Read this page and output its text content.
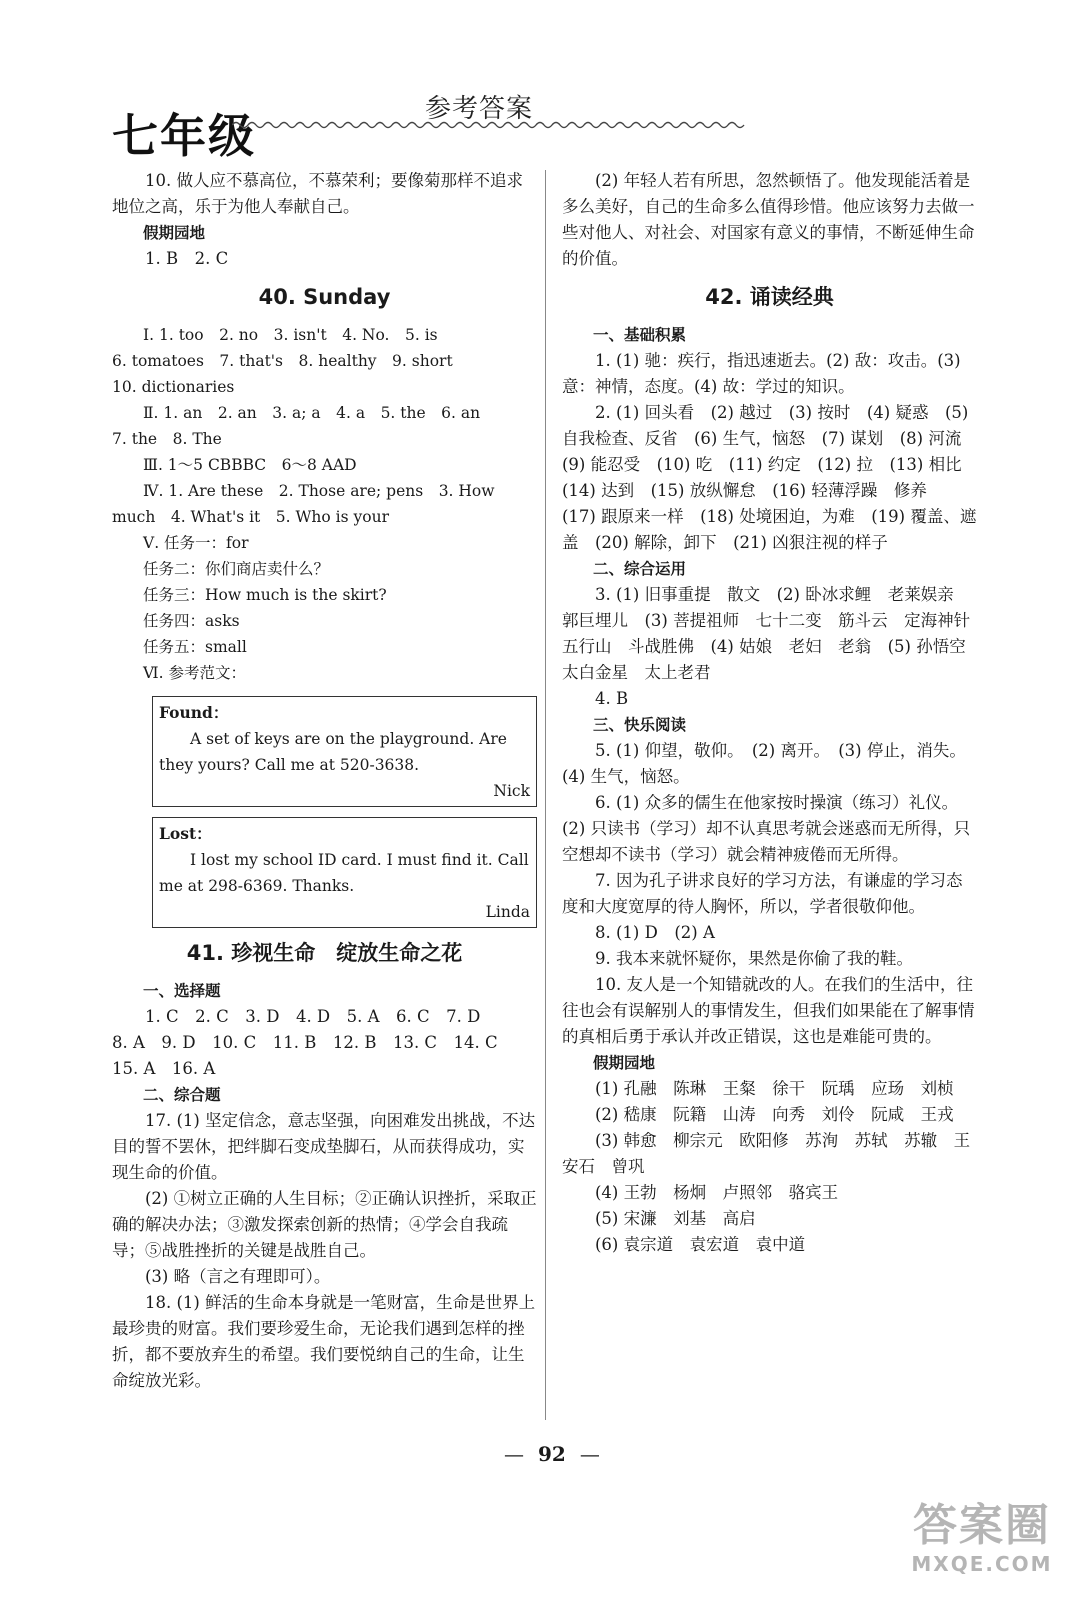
七年级	参考答案

10. 做人应不慕高位，不慕荣利；要像菊那样不追求地位之高，乐于为他人奉献自己。

假期园地

1. B　2. C

40. Sunday

Ⅰ. 1. too　2. no　3. isn't　4. No.　5. is

6. tomatoes　7. that's　8. healthy　9. short

10. dictionaries

Ⅱ. 1. an　2. an　3. a; a　4. a　5. the　6. an

7. the　8. The

Ⅲ. 1～5 CBBBC　6～8 AAD

Ⅳ. 1. Are these　2. Those are; pens　3. How much　4. What's it　5. Who is your

Ⅴ. 任务一：for

任务二：你们商店卖什么？

任务三：How much is the skirt?

任务四：asks

任务五：small

Ⅵ. 参考范文：

Found：

A set of keys are on the playground. Are they yours? Call me at 520-3638.

Nick
Lost：

I lost my school ID card. I must find it. Call me at 298-6369. Thanks.

Linda
41. 珍视生命　绽放生命之花

一、选择题

1. C　2. C　3. D　4. D　5. A　6. C　7. D

8. A　9. D　10. C　11. B　12. B　13. C　14. C

15. A　16. A

二、综合题

17. (1) 坚定信念，意志坚强，向困难发出挑战，不达目的誓不罢休，把绊脚石变成垫脚石，从而获得成功，实现生命的价值。

(2) ①树立正确的人生目标；②正确认识挫折，采取正确的解决办法；③激发探索创新的热情；④学会自我疏导；⑤战胜挫折的关键是战胜自己。

(3) 略（言之有理即可）。

18. (1) 鲜活的生命本身就是一笔财富，生命是世界上最珍贵的财富。我们要珍爱生命，无论我们遇到怎样的挫折，都不要放弃生的希望。我们要悦纳自己的生命，让生命绽放光彩。

(2) 年轻人若有所思，忽然顿悟了。他发现能活着是多么美好，自己的生命多么值得珍惜。他应该努力去做一些对他人、对社会、对国家有意义的事情，不断延伸生命的价值。

42. 诵读经典

一、基础积累

1. (1) 驰：疾行，指迅速逝去。(2) 敌：攻击。(3) 意：神情，态度。(4) 故：学过的知识。

2. (1) 回头看　(2) 越过　(3) 按时　(4) 疑惑　(5) 自我检查、反省　(6) 生气，恼怒　(7) 谋划　(8) 河流　(9) 能忍受　(10) 吃　(11) 约定　(12) 拉　(13) 相比　(14) 达到　(15) 放纵懈怠　(16) 轻薄浮躁　修养　(17) 跟原来一样　(18) 处境困迫，为难　(19) 覆盖、遮盖　(20) 解除，卸下　(21) 凶狠注视的样子

二、综合运用

3. (1) 旧事重提　散文　(2) 卧冰求鲤　老莱娱亲　郭巨埋儿　(3) 菩提祖师　七十二变　筋斗云　定海神针　五行山　斗战胜佛　(4) 姑娘　老妇　老翁　(5) 孙悟空　太白金星　太上老君

4. B

三、快乐阅读

5. (1) 仰望，敬仰。　(2) 离开。　(3) 停止，消失。　(4) 生气，恼怒。

6. (1) 众多的儒生在他家按时操演（练习）礼仪。　(2) 只读书（学习）却不认真思考就会迷惑而无所得，只空想却不读书（学习）就会精神疲倦而无所得。

7. 因为孔子讲求良好的学习方法，有谦虚的学习态度和大度宽厚的待人胸怀，所以，学者很敬仰他。

8. (1) D　(2) A

9. 我本来就怀疑你，果然是你偷了我的鞋。

10. 友人是一个知错就改的人。在我们的生活中，往往也会有误解别人的事情发生，但我们如果能在了解事情的真相后勇于承认并改正错误，这也是难能可贵的。

假期园地

(1) 孔融　陈琳　王粲　徐干　阮瑀　应玚　刘桢

(2) 嵇康　阮籍　山涛　向秀　刘伶　阮咸　王戎

(3) 韩愈　柳宗元　欧阳修　苏洵　苏轼　苏辙　王安石　曾巩

(4) 王勃　杨炯　卢照邻　骆宾王

(5) 宋濂　刘基　高启

(6) 袁宗道　袁宏道　袁中道

— 92 —
答案圈
MXQE.COM
